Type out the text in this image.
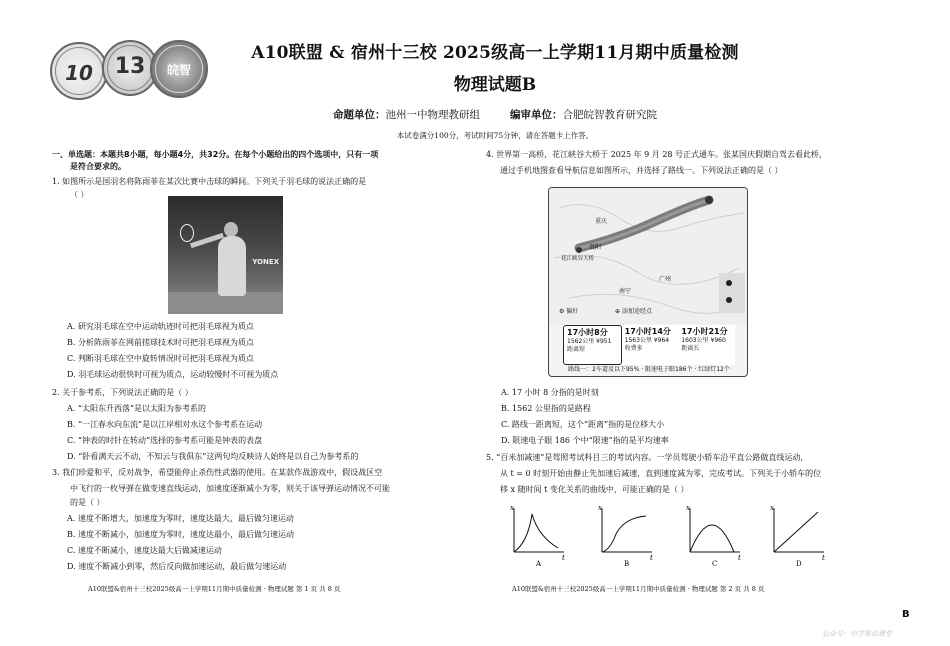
10 13	皖智
A10联盟 & 宿州十三校 2025级高一上学期11月期中质量检测
物理试题B
命题单位：池州一中物理教研组	编审单位：合肥皖智教育研究院
本试卷满分100分，考试时间75分钟，请在答题卡上作答。
一、单选题：本题共8小题，每小题4分，共32分。在每个小题给出的四个选项中，只有一项
是符合要求的。
1. 如图所示是国羽名将陈雨菲在某次比赛中击球的瞬间。下列关于羽毛球的说法正确的是
（ ）
YONEX
A. 研究羽毛球在空中运动轨迹时可把羽毛球视为质点
B. 分析陈雨菲在网前搓球技术时可把羽毛球视为质点
C. 判断羽毛球在空中旋转情况时可把羽毛球视为质点
D. 羽毛球运动很快时可视为质点，运动较慢时不可视为质点
2. 关于参考系，下列说法正确的是（ ）
A. “太阳东升西落”是以太阳为参考系的
B. “一江春水向东流”是以江岸相对水这个参考系在运动
C. “钟表的时针在转动”选择的参考系可能是钟表的表盘
D. “卧看满天云不动，不知云与我俱东”这两句均反映诗人始终是以自己为参考系的
3. 我们珍爱和平，反对战争，希望能停止杀伤性武器的使用。在某款作战游戏中，假设战区空
中飞行的一枚导弹在做变速直线运动，加速度逐渐减小为零，则关于该导弹运动情况不可能
的是（ ）
A. 速度不断增大，加速度为零时，速度达最大，最后做匀速运动
B. 速度不断减小，加速度为零时，速度达最小，最后做匀速运动
C. 速度不断减小，速度达最大后做减速运动
D. 速度不断减小到零，然后反向做加速运动，最后做匀速运动
A10联盟&宿州十三校2025级高一上学期11月期中质量检测 · 物理试题 第 1 页 共 8 页
4. 世界第一高桥，花江峡谷大桥于 2025 年 9 月 28 号正式通车。张某国庆假期自驾去看此桥，
通过手机地图查看导航信息如图所示，并选择了路线一。下列说法正确的是（ ）
重庆
贵阳
花江峡谷大桥
南宁
广州
⚙ 偏好	⊕ 添加途经点
17小时8分
1562公里 ¥951
距离短
17小时14分
1563公里 ¥964
收费多
17小时21分
1603公里 ¥960
距离长
路线一：2车道及以下95% · 限速电子眼186个 · 红绿灯12个
A. 17 小时 8 分指的是时刻
B. 1562 公里指的是路程
C. 路线一距离短，这个“距离”指的是位移大小
D. 限速电子眼 186 个中“限速”指的是平均速率
5. “百米加减速”是驾照考试科目三的考试内容。一学员驾驶小轿车沿平直公路做直线运动，
从 t = 0 时刻开始由静止先加速后减速，直到速度减为零，完成考试。下列关于小轿车的位
移 x 随时间 t 变化关系的曲线中，可能正确的是（ ）
x
t
A
x
t
B
x
t
C
x
t
D
A10联盟&宿州十三校2025级高一上学期11月期中质量检测 · 物理试题 第 2 页 共 8 页
B
公众号：中学英语课堂
